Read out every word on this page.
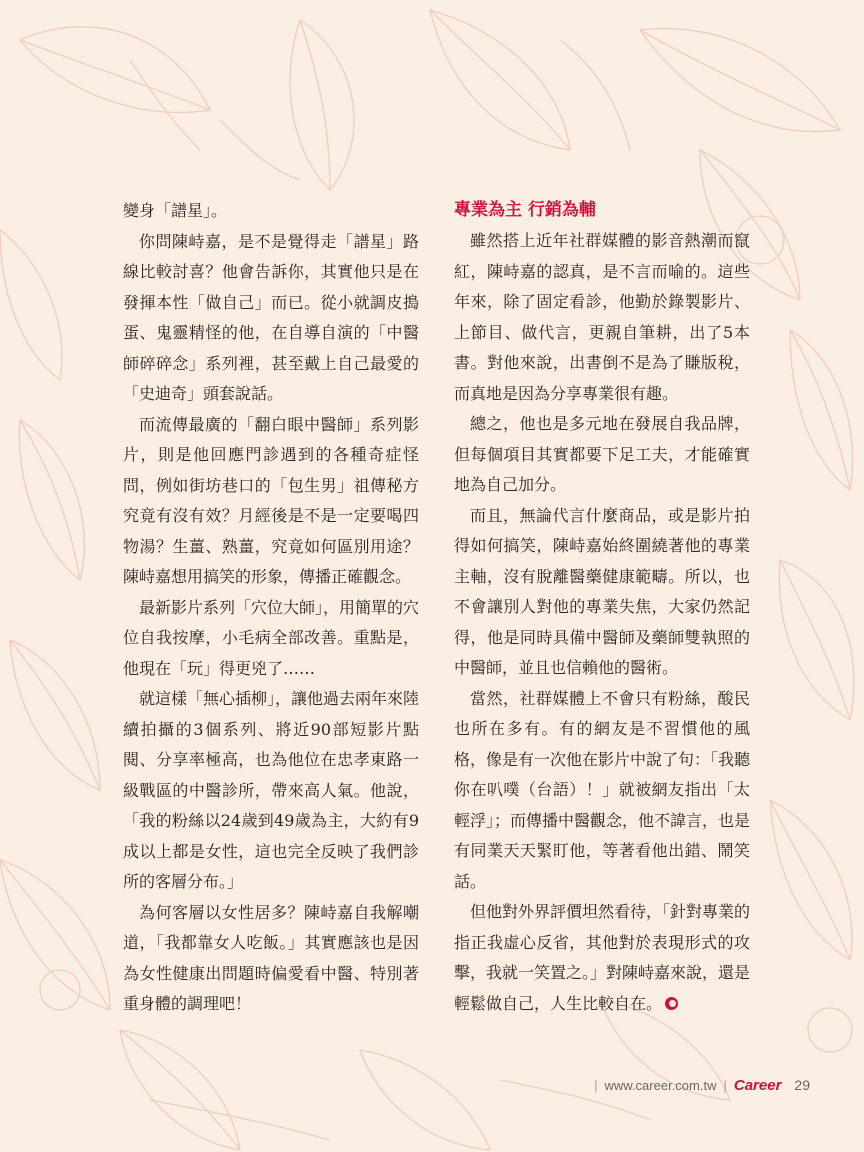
變身「譜星」。

你問陳峙嘉，是不是覺得走「譜星」路線比較討喜？他會告訴你，其實他只是在發揮本性「做自己」而已。從小就調皮搗蛋、鬼靈精怪的他，在自導自演的「中醫師碎碎念」系列裡，甚至戴上自己最愛的「史迪奇」頭套說話。

而流傳最廣的「翻白眼中醫師」系列影片，則是他回應門診遇到的各種奇症怪問，例如街坊巷口的「包生男」祖傳秘方究竟有沒有效？月經後是不是一定要喝四物湯？生薑、熟薑，究竟如何區別用途？陳峙嘉想用搞笑的形象，傳播正確觀念。

最新影片系列「穴位大師」，用簡單的穴位自我按摩，小毛病全部改善。重點是，他現在「玩」得更兇了……

就這樣「無心插柳」，讓他過去兩年來陸續拍攝的3個系列、將近90部短影片點閱、分享率極高，也為他位在忠孝東路一級戰區的中醫診所，帶來高人氣。他說，「我的粉絲以24歲到49歲為主，大約有9成以上都是女性，這也完全反映了我們診所的客層分布。」

為何客層以女性居多？陳峙嘉自我解嘲道，「我都靠女人吃飯。」其實應該也是因為女性健康出問題時偏愛看中醫、特別著重身體的調理吧！

專業為主 行銷為輔

雖然搭上近年社群媒體的影音熱潮而竄紅，陳峙嘉的認真，是不言而喻的。這些年來，除了固定看診，他勤於錄製影片、上節目、做代言，更親自筆耕，出了5本書。對他來說，出書倒不是為了賺版稅，而真地是因為分享專業很有趣。

總之，他也是多元地在發展自我品牌，但每個項目其實都要下足工夫，才能確實地為自己加分。

而且，無論代言什麼商品，或是影片拍得如何搞笑，陳峙嘉始終圍繞著他的專業主軸，沒有脫離醫藥健康範疇。所以，也不會讓別人對他的專業失焦，大家仍然記得，他是同時具備中醫師及藥師雙執照的中醫師，並且也信賴他的醫術。

當然，社群媒體上不會只有粉絲，酸民也所在多有。有的網友是不習慣他的風格，像是有一次他在影片中說了句：「我聽你在叭噗（台語）！」就被網友指出「太輕浮」；而傳播中醫觀念，他不諱言，也是有同業天天緊盯他，等著看他出錯、鬧笑話。

但他對外界評價坦然看待，「針對專業的指正我虛心反省，其他對於表現形式的攻擊，我就一笑置之。」對陳峙嘉來說，還是輕鬆做自己，人生比較自在。

| www.career.com.tw | Career 29
